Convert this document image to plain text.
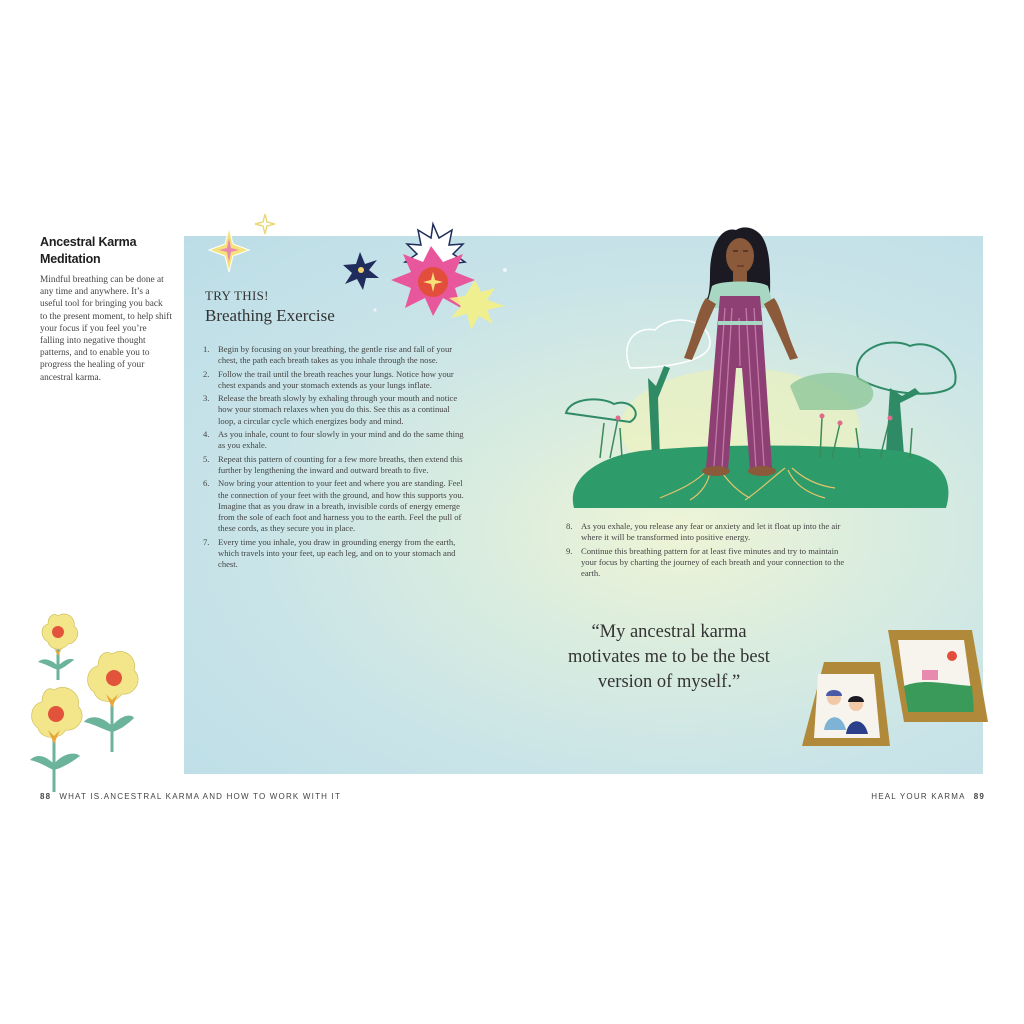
Ancestral Karma Meditation

Mindful breathing can be done at any time and anywhere. It’s a useful tool for bringing you back to the present moment, to help shift your focus if you feel you’re falling into negative thought patterns, and to enable you to progress the healing of your ancestral karma.

TRY THIS!
Breathing Exercise
1. Begin by focusing on your breathing, the gentle rise and fall of your chest, the path each breath takes as you inhale through the nose.
2. Follow the trail until the breath reaches your lungs. Notice how your chest expands and your stomach extends as your lungs inflate.
3. Release the breath slowly by exhaling through your mouth and notice how your stomach relaxes when you do this. See this as a continual loop, a circular cycle which energizes body and mind.
4. As you inhale, count to four slowly in your mind and do the same thing as you exhale.
5. Repeat this pattern of counting for a few more breaths, then extend this further by lengthening the inward and outward breath to five.
6. Now bring your attention to your feet and where you are standing. Feel the connection of your feet with the ground, and how this supports you. Imagine that as you draw in a breath, invisible cords of energy emerge from the sole of each foot and harness you to the earth. Feel the pull of these cords, as they secure you in place.
7. Every time you inhale, you draw in grounding energy from the earth, which travels into your feet, up each leg, and on to your stomach and chest.
8. As you exhale, you release any fear or anxiety and let it float up into the air where it will be transformed into positive energy.
9. Continue this breathing pattern for at least five minutes and try to maintain your focus by charting the journey of each breath and your connection to the earth.
“My ancestral karma motivates me to be the best version of myself.”
88 WHAT IS.ANCESTRAL KARMA AND HOW TO WORK WITH IT	HEAL YOUR KARMA 89
